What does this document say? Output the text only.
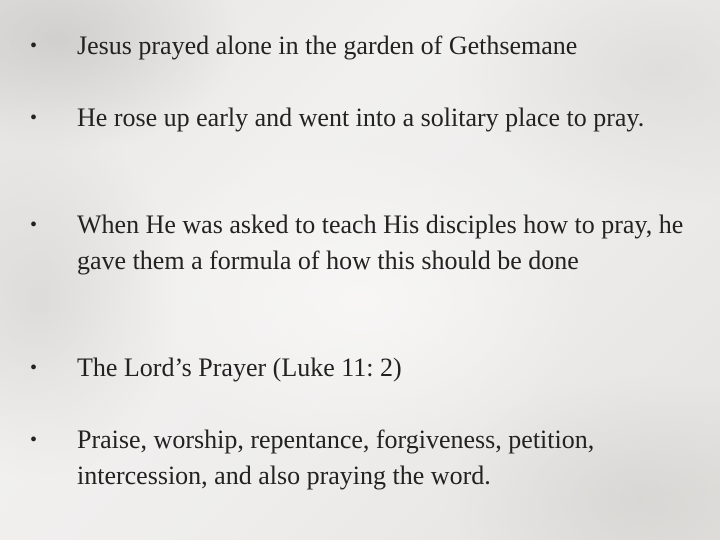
•	Jesus prayed alone in the garden of Gethsemane
•	He rose up early and went into a solitary place to pray.
•	When He was asked to teach His disciples how to pray, he gave them a formula of how this should be done
•	The Lord’s Prayer (Luke 11: 2)
•	Praise, worship, repentance, forgiveness, petition, intercession, and also praying the word.
